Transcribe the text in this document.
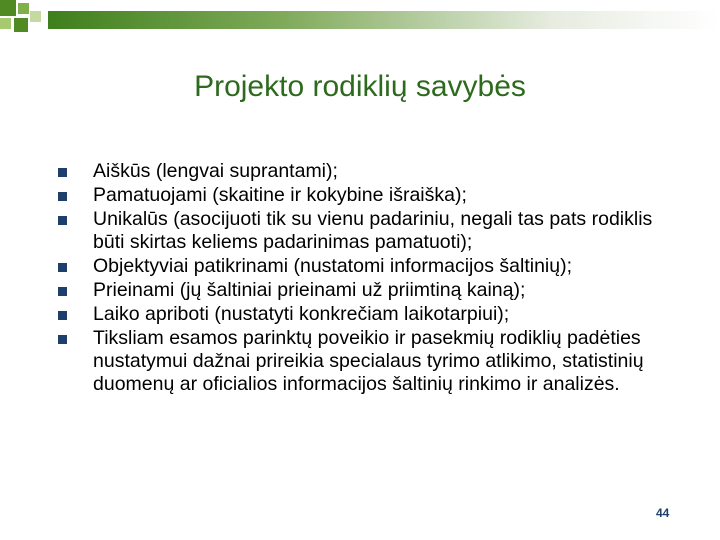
Projekto rodiklių savybės
Aiškūs (lengvai suprantami);
Pamatuojami (skaitine ir kokybine išraiška);
Unikalūs (asocijuoti tik su vienu padariniu, negali tas pats rodiklis būti skirtas keliems padarinimas pamatuoti);
Objektyviai patikrinami (nustatomi informacijos šaltinių);
Prieinami (jų šaltiniai prieinami už priimtiną kainą);
Laiko apriboti (nustatyti konkrečiam laikotarpiui);
Tiksliam esamos parinktų poveikio ir pasekmių rodiklių padėties nustatymui dažnai prireikia specialaus tyrimo atlikimo, statistinių duomenų ar oficialios informacijos šaltinių rinkimo ir analizės.
44
